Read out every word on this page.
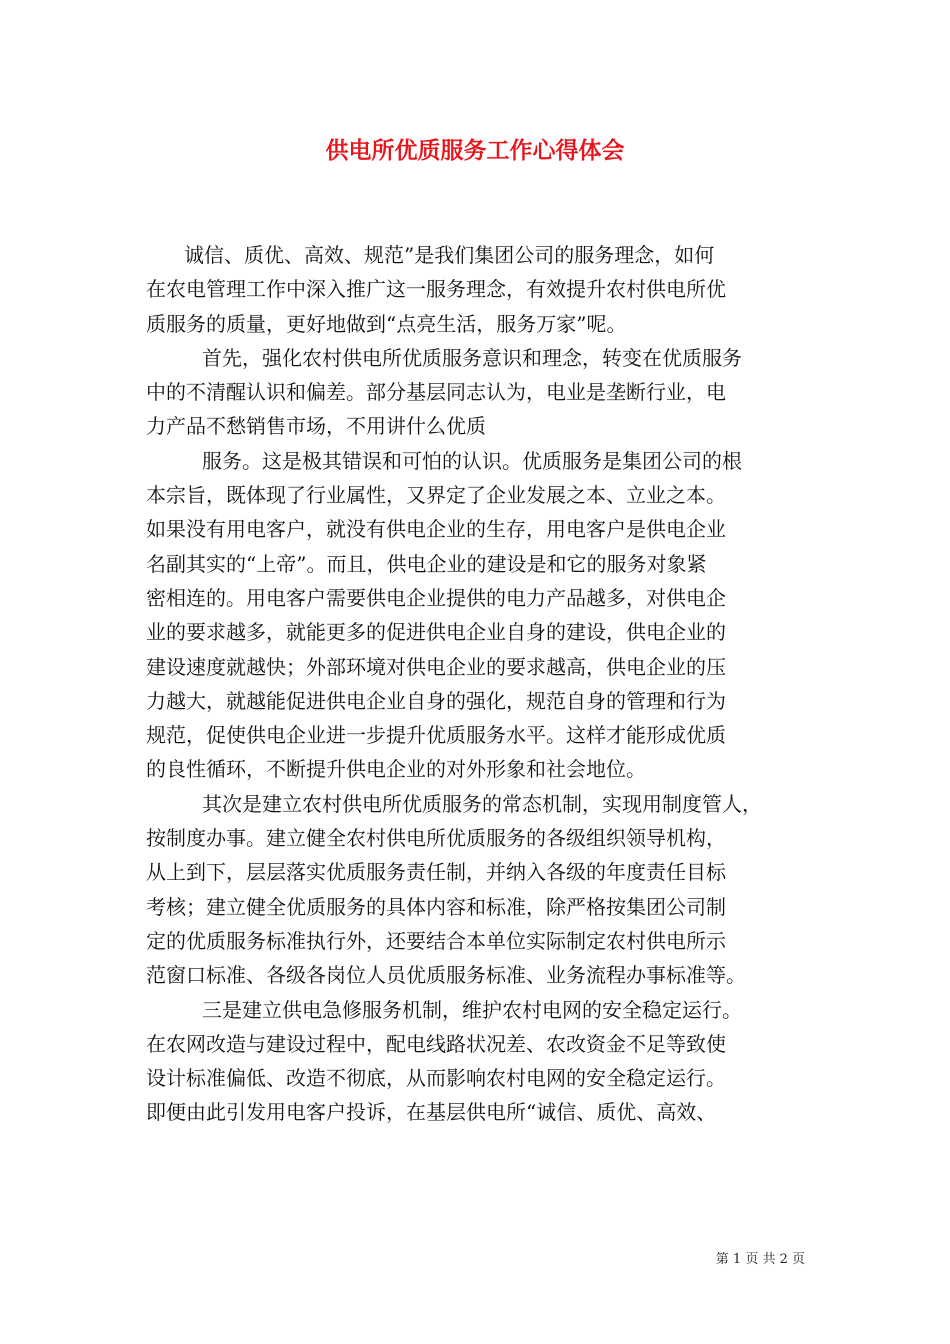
供电所优质服务工作心得体会
诚信、质优、高效、规范”是我们集团公司的服务理念，如何
在农电管理工作中深入推广这一服务理念，有效提升农村供电所优
质服务的质量，更好地做到“点亮生活，服务万家”呢。
首先，强化农村供电所优质服务意识和理念，转变在优质服务
中的不清醒认识和偏差。部分基层同志认为，电业是垄断行业，电
力产品不愁销售市场，不用讲什么优质
服务。这是极其错误和可怕的认识。优质服务是集团公司的根
本宗旨，既体现了行业属性，又界定了企业发展之本、立业之本。
如果没有用电客户，就没有供电企业的生存，用电客户是供电企业
名副其实的“上帝”。而且，供电企业的建设是和它的服务对象紧
密相连的。用电客户需要供电企业提供的电力产品越多，对供电企
业的要求越多，就能更多的促进供电企业自身的建设，供电企业的
建设速度就越快；外部环境对供电企业的要求越高，供电企业的压
力越大，就越能促进供电企业自身的强化，规范自身的管理和行为
规范，促使供电企业进一步提升优质服务水平。这样才能形成优质
的良性循环，不断提升供电企业的对外形象和社会地位。
其次是建立农村供电所优质服务的常态机制，实现用制度管人，
按制度办事。建立健全农村供电所优质服务的各级组织领导机构，
从上到下，层层落实优质服务责任制，并纳入各级的年度责任目标
考核；建立健全优质服务的具体内容和标准，除严格按集团公司制
定的优质服务标准执行外，还要结合本单位实际制定农村供电所示
范窗口标准、各级各岗位人员优质服务标准、业务流程办事标准等。
三是建立供电急修服务机制，维护农村电网的安全稳定运行。
在农网改造与建设过程中，配电线路状况差、农改资金不足等致使
设计标准偏低、改造不彻底，从而影响农村电网的安全稳定运行。
即便由此引发用电客户投诉，在基层供电所“诚信、质优、高效、
第 1 页 共 2 页
